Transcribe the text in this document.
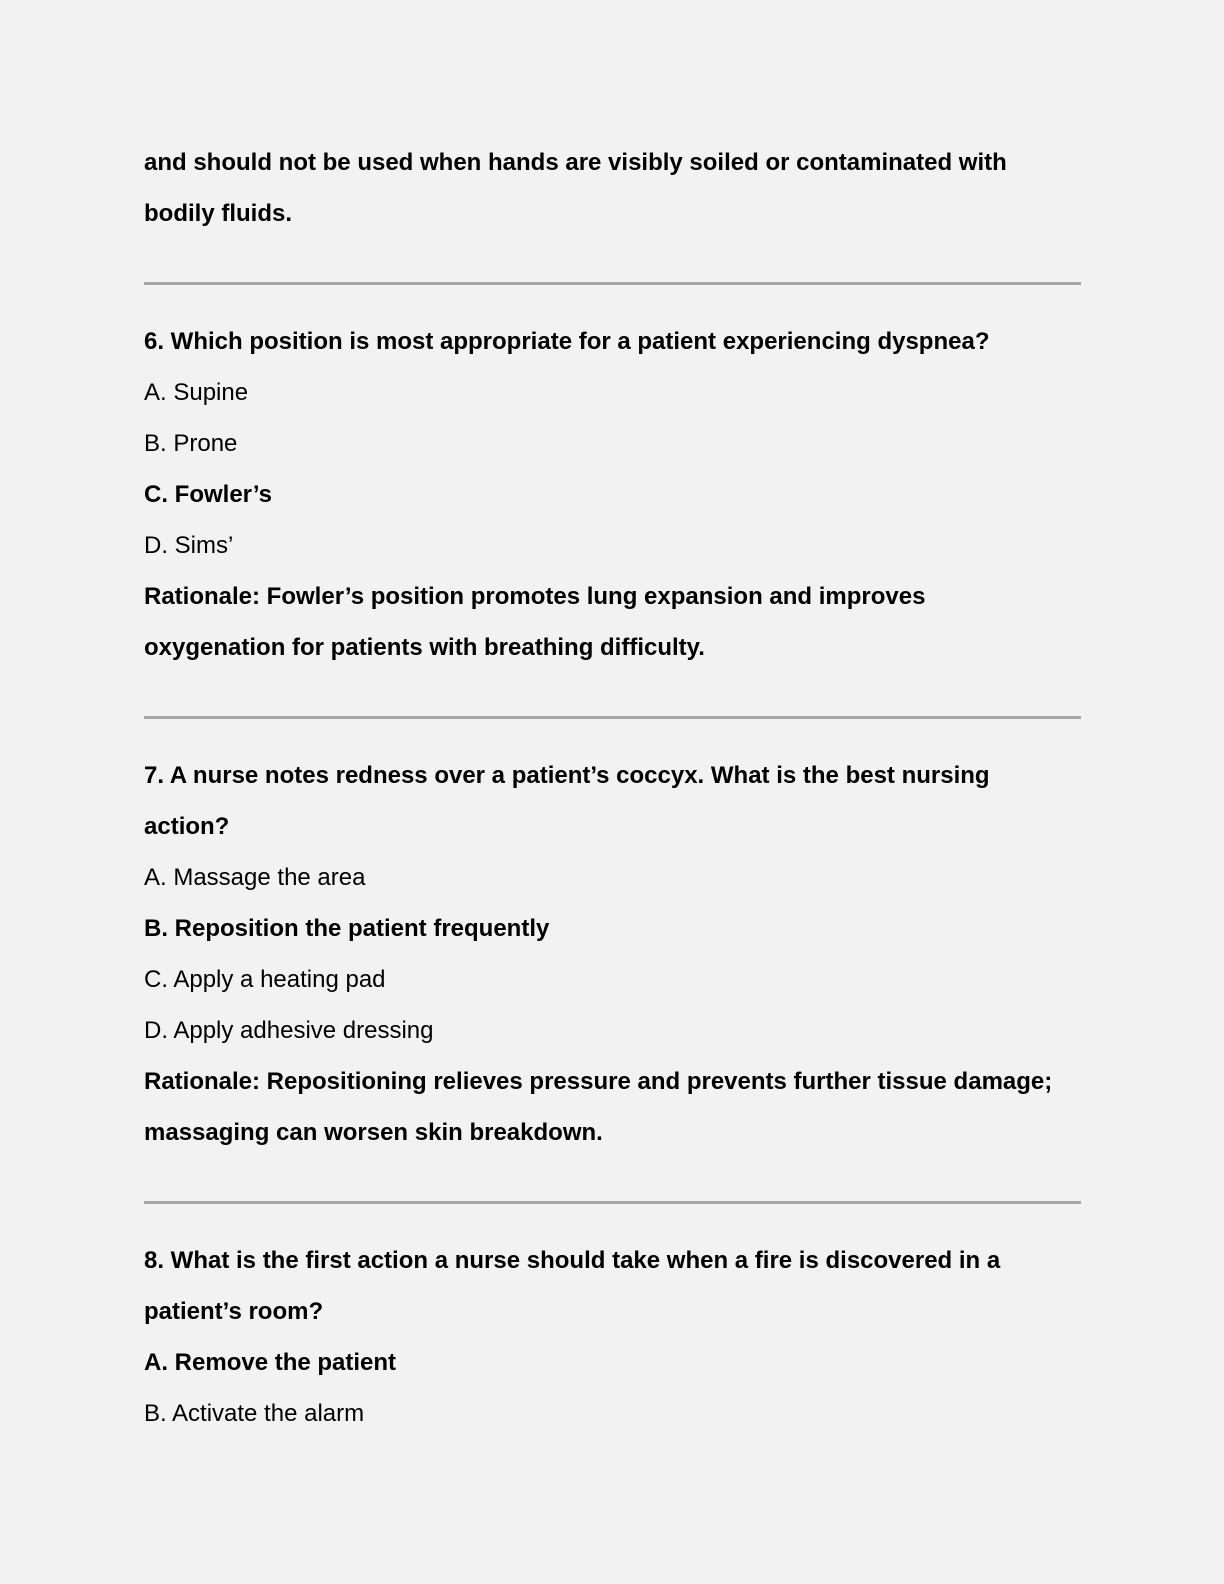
and should not be used when hands are visibly soiled or contaminated with
bodily fluids.
6. Which position is most appropriate for a patient experiencing dyspnea?
A. Supine
B. Prone
C. Fowler’s
D. Sims’
Rationale: Fowler’s position promotes lung expansion and improves
oxygenation for patients with breathing difficulty.
7. A nurse notes redness over a patient’s coccyx. What is the best nursing
action?
A. Massage the area
B. Reposition the patient frequently
C. Apply a heating pad
D. Apply adhesive dressing
Rationale: Repositioning relieves pressure and prevents further tissue damage;
massaging can worsen skin breakdown.
8. What is the first action a nurse should take when a fire is discovered in a
patient’s room?
A. Remove the patient
B. Activate the alarm
